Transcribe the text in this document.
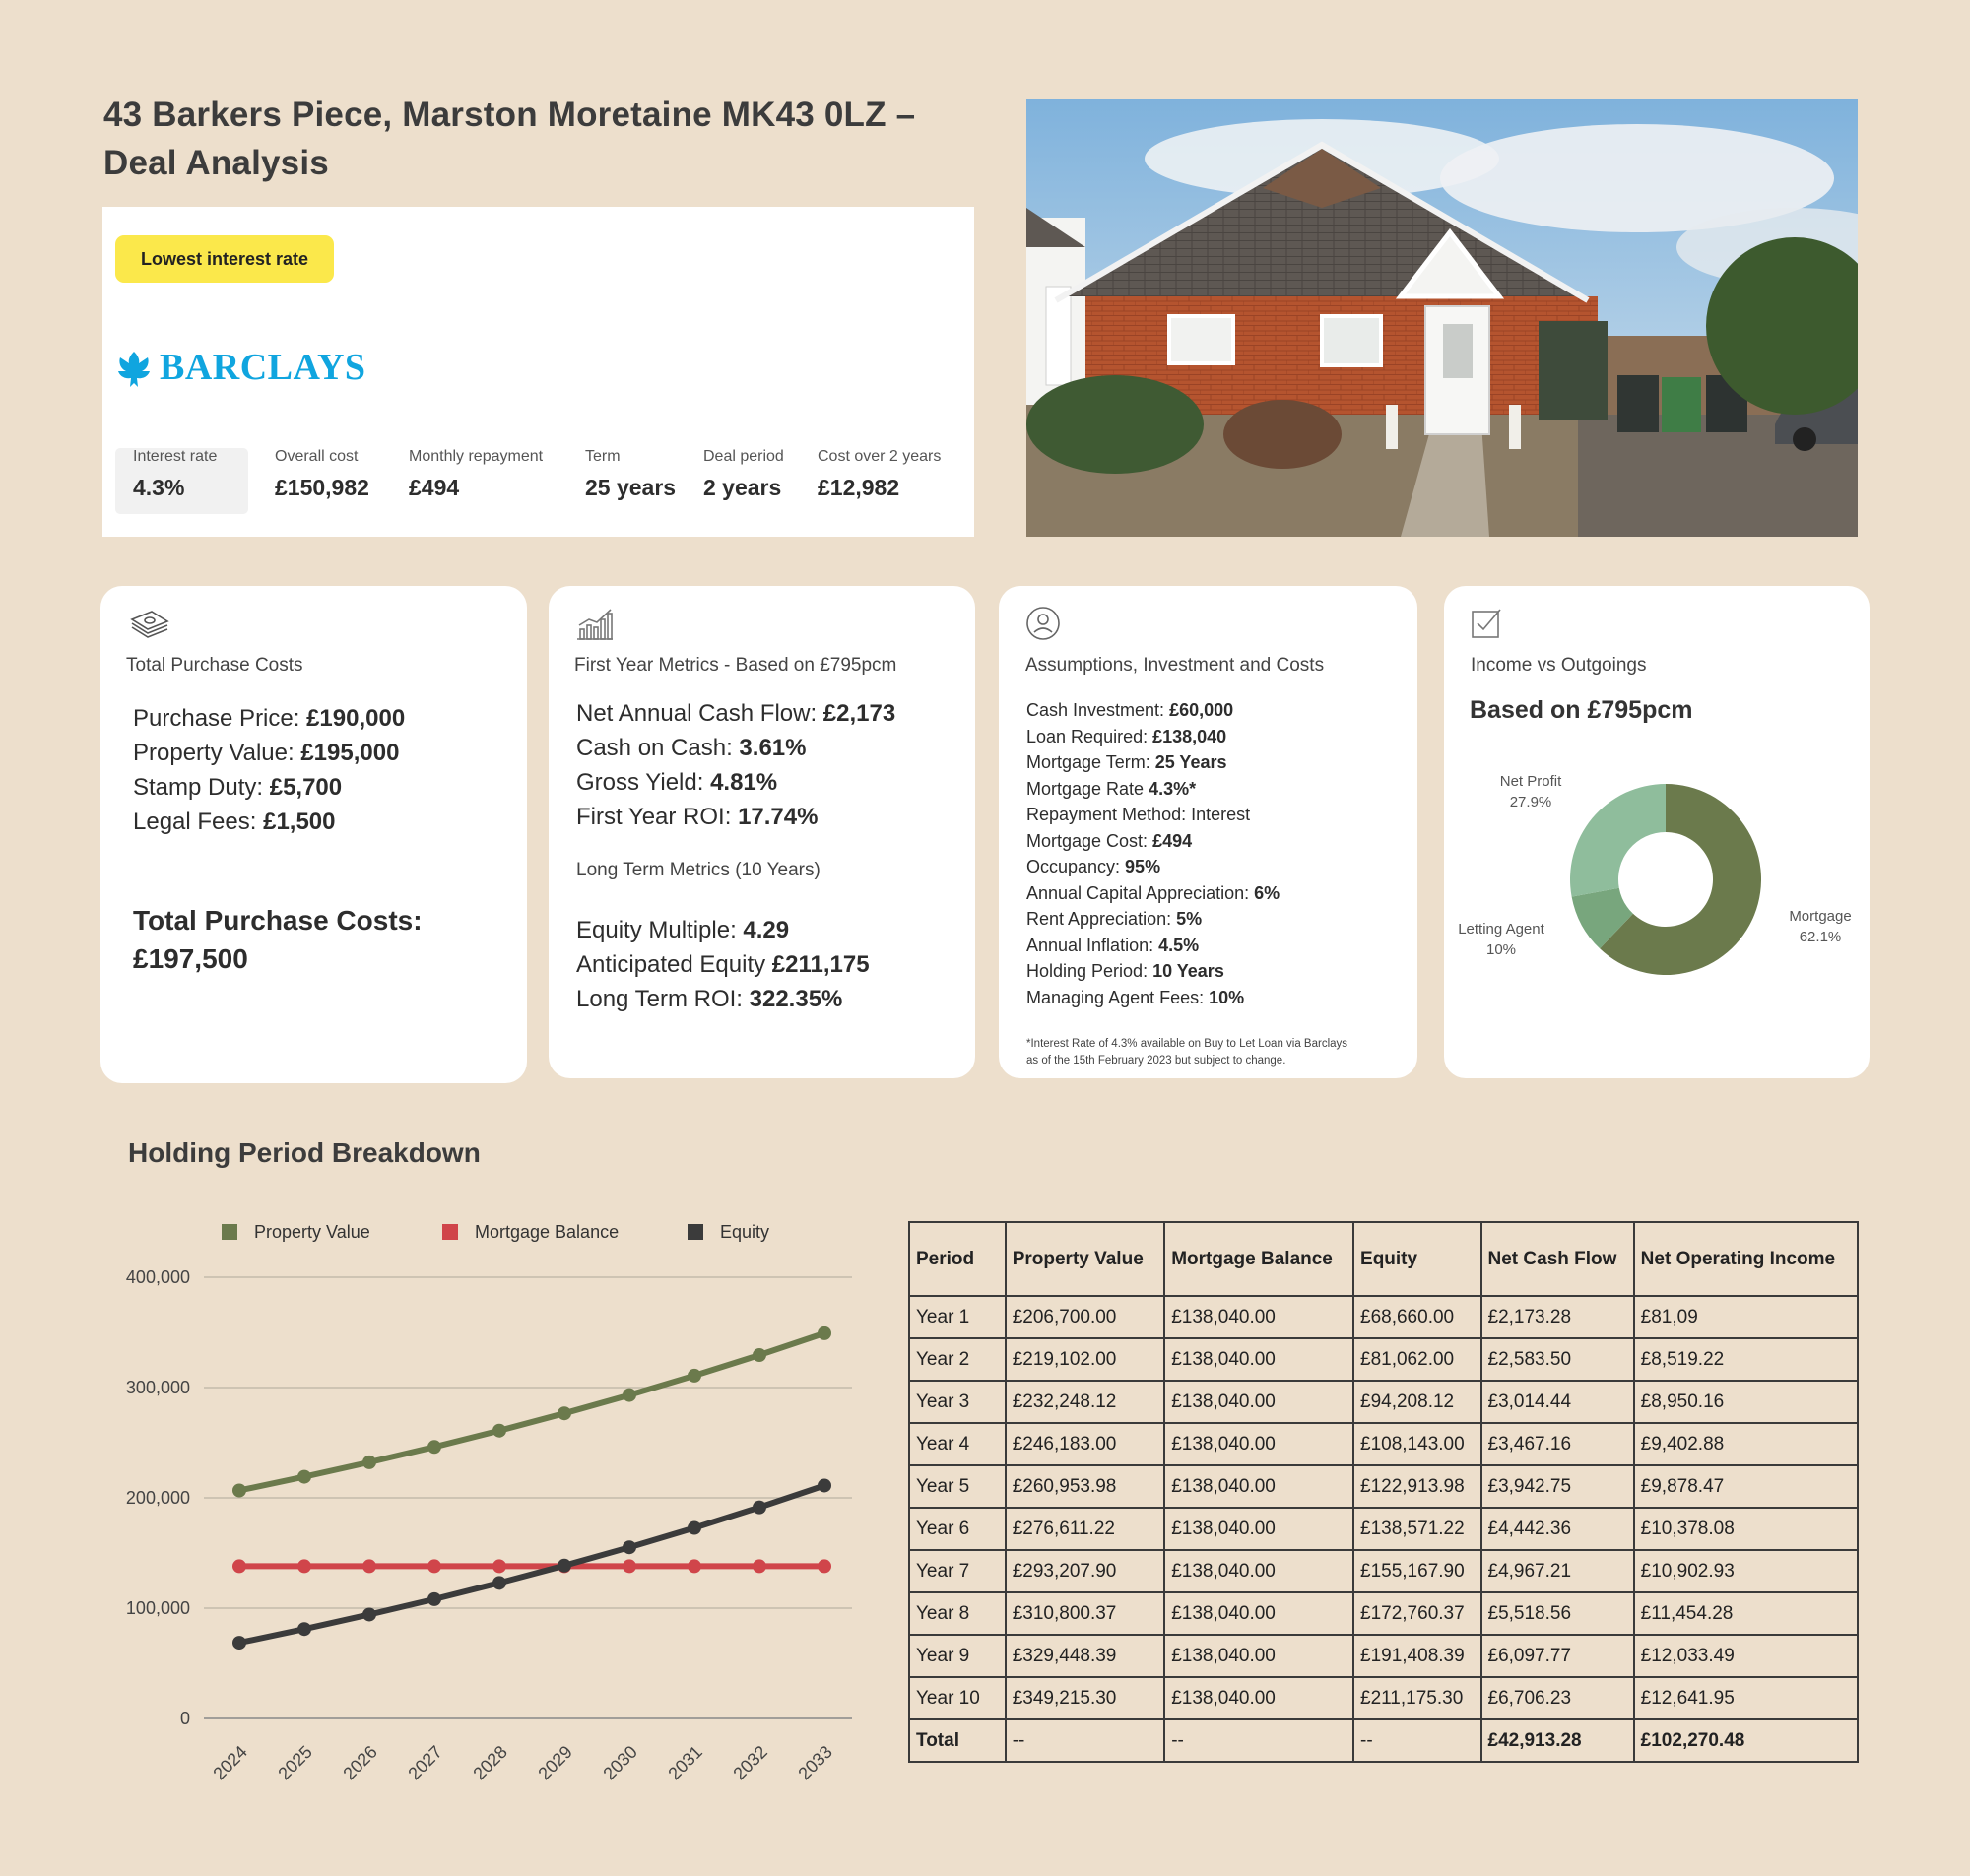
43 Barkers Piece, Marston Moretaine MK43 0LZ – Deal Analysis
Lowest interest rate
BARCLAYS
Interest rate
4.3%
Overall cost
£150,982
Monthly repayment
£494
Term
25 years
Deal period
2 years
Cost over 2 years
£12,982
Total Purchase Costs
Purchase Price: £190,000
Property Value: £195,000
Stamp Duty: £5,700
Legal Fees: £1,500
Total Purchase Costs:
£197,500
First Year Metrics - Based on £795pcm
Net Annual Cash Flow: £2,173
Cash on Cash: 3.61%
Gross Yield: 4.81%
First Year ROI: 17.74%
Long Term Metrics (10 Years)
Equity Multiple: 4.29
Anticipated Equity £211,175
Long Term ROI: 322.35%
Assumptions, Investment and Costs
Cash Investment: £60,000
Loan Required: £138,040
Mortgage Term: 25 Years
Mortgage Rate 4.3%*
Repayment Method: Interest
Mortgage Cost: £494
Occupancy: 95%
Annual Capital Appreciation: 6%
Rent Appreciation: 5%
Annual Inflation: 4.5%
Holding Period: 10 Years
Managing Agent Fees: 10%
*Interest Rate of 4.3% available on Buy to Let Loan via Barclays
as of the 15th February 2023 but subject to change.
Income vs Outgoings
Based on £795pcm
Mortgage
62.1%
Letting Agent
10%
Net Profit
27.9%
Holding Period Breakdown
0
100,000
200,000
300,000
400,000
2024 2025 2026 2027 2028 2029 2030 2031 2032 2033
Property Value	Mortgage Balance	Equity
Period	Property Value	Mortgage Balance	Equity	Net Cash Flow	Net Operating Income
Year 1	£206,700.00	£138,040.00	£68,660.00	£2,173.28	£81,09
Year 2	£219,102.00	£138,040.00	£81,062.00	£2,583.50	£8,519.22
Year 3	£232,248.12	£138,040.00	£94,208.12	£3,014.44	£8,950.16
Year 4	£246,183.00	£138,040.00	£108,143.00	£3,467.16	£9,402.88
Year 5	£260,953.98	£138,040.00	£122,913.98	£3,942.75	£9,878.47
Year 6	£276,611.22	£138,040.00	£138,571.22	£4,442.36	£10,378.08
Year 7	£293,207.90	£138,040.00	£155,167.90	£4,967.21	£10,902.93
Year 8	£310,800.37	£138,040.00	£172,760.37	£5,518.56	£11,454.28
Year 9	£329,448.39	£138,040.00	£191,408.39	£6,097.77	£12,033.49
Year 10	£349,215.30	£138,040.00	£211,175.30	£6,706.23	£12,641.95
Total	--	--	--	£42,913.28	£102,270.48
